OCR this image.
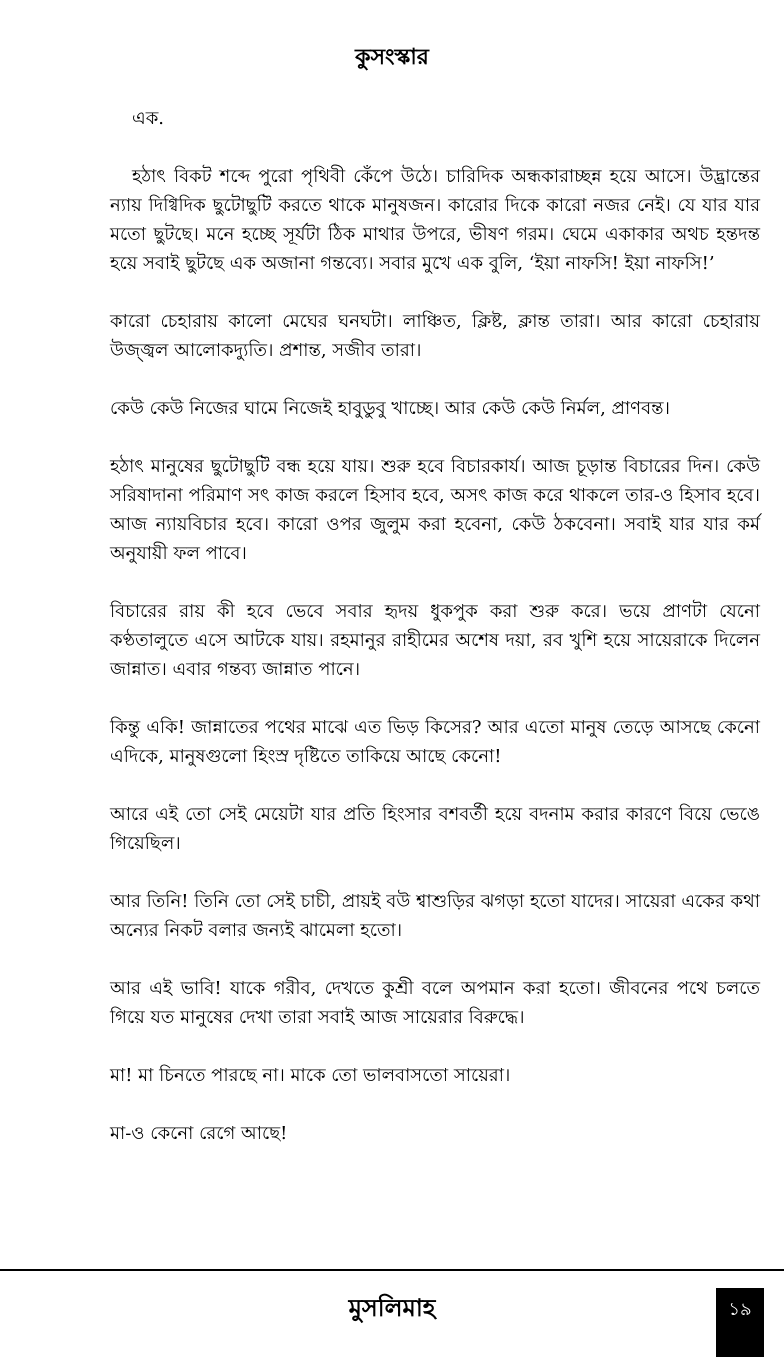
কুসংস্কার

এক.

হঠাৎ বিকট শব্দে পুরো পৃথিবী কেঁপে উঠে। চারিদিক অন্ধকারাচ্ছন্ন হয়ে আসে। উদ্ভ্রান্তের ন্যায় দিগ্বিদিক ছুটোছুটি করতে থাকে মানুষজন। কারোর দিকে কারো নজর নেই। যে যার যার মতো ছুটছে। মনে হচ্ছে সূর্যটা ঠিক মাথার উপরে, ভীষণ গরম। ঘেমে একাকার অথচ হন্তদন্ত হয়ে সবাই ছুটছে এক অজানা গন্তব্যে। সবার মুখে এক বুলি, ‘ইয়া নাফসি! ইয়া নাফসি!’

কারো চেহারায় কালো মেঘের ঘনঘটা। লাঞ্চিত, ক্লিষ্ট, ক্লান্ত তারা। আর কারো চেহারায় উজ্জ্বল আলোকদ্যুতি। প্রশান্ত, সজীব তারা।

কেউ কেউ নিজের ঘামে নিজেই হাবুডুবু খাচ্ছে। আর কেউ কেউ নির্মল, প্রাণবন্ত।

হঠাৎ মানুষের ছুটোছুটি বন্ধ হয়ে যায়। শুরু হবে বিচারকার্য। আজ চূড়ান্ত বিচারের দিন। কেউ সরিষাদানা পরিমাণ সৎ কাজ করলে হিসাব হবে, অসৎ কাজ করে থাকলে তার-ও হিসাব হবে। আজ ন্যায়বিচার হবে। কারো ওপর জুলুম করা হবেনা, কেউ ঠকবেনা। সবাই যার যার কর্ম অনুযায়ী ফল পাবে।

বিচারের রায় কী হবে ভেবে সবার হৃদয় ধুকপুক করা শুরু করে। ভয়ে প্রাণটা যেনো কণ্ঠতালুতে এসে আটকে যায়। রহমানুর রাহীমের অশেষ দয়া, রব খুশি হয়ে সায়েরাকে দিলেন জান্নাত। এবার গন্তব্য জান্নাত পানে।

কিন্তু একি! জান্নাতের পথের মাঝে এত ভিড় কিসের? আর এতো মানুষ তেড়ে আসছে কেনো এদিকে, মানুষগুলো হিংস্র দৃষ্টিতে তাকিয়ে আছে কেনো!

আরে এই তো সেই মেয়েটা যার প্রতি হিংসার বশবর্তী হয়ে বদনাম করার কারণে বিয়ে ভেঙে গিয়েছিল।

আর তিনি! তিনি তো সেই চাচী, প্রায়ই বউ শ্বাশুড়ির ঝগড়া হতো যাদের। সায়েরা একের কথা অন্যের নিকট বলার জন্যই ঝামেলা হতো।

আর এই ভাবি! যাকে গরীব, দেখতে কুশ্রী বলে অপমান করা হতো। জীবনের পথে চলতে গিয়ে যত মানুষের দেখা তারা সবাই আজ সায়েরার বিরুদ্ধে।

মা! মা চিনতে পারছে না। মাকে তো ভালবাসতো সায়েরা।

মা-ও কেনো রেগে আছে!

মুসলিমাহ	১৯
